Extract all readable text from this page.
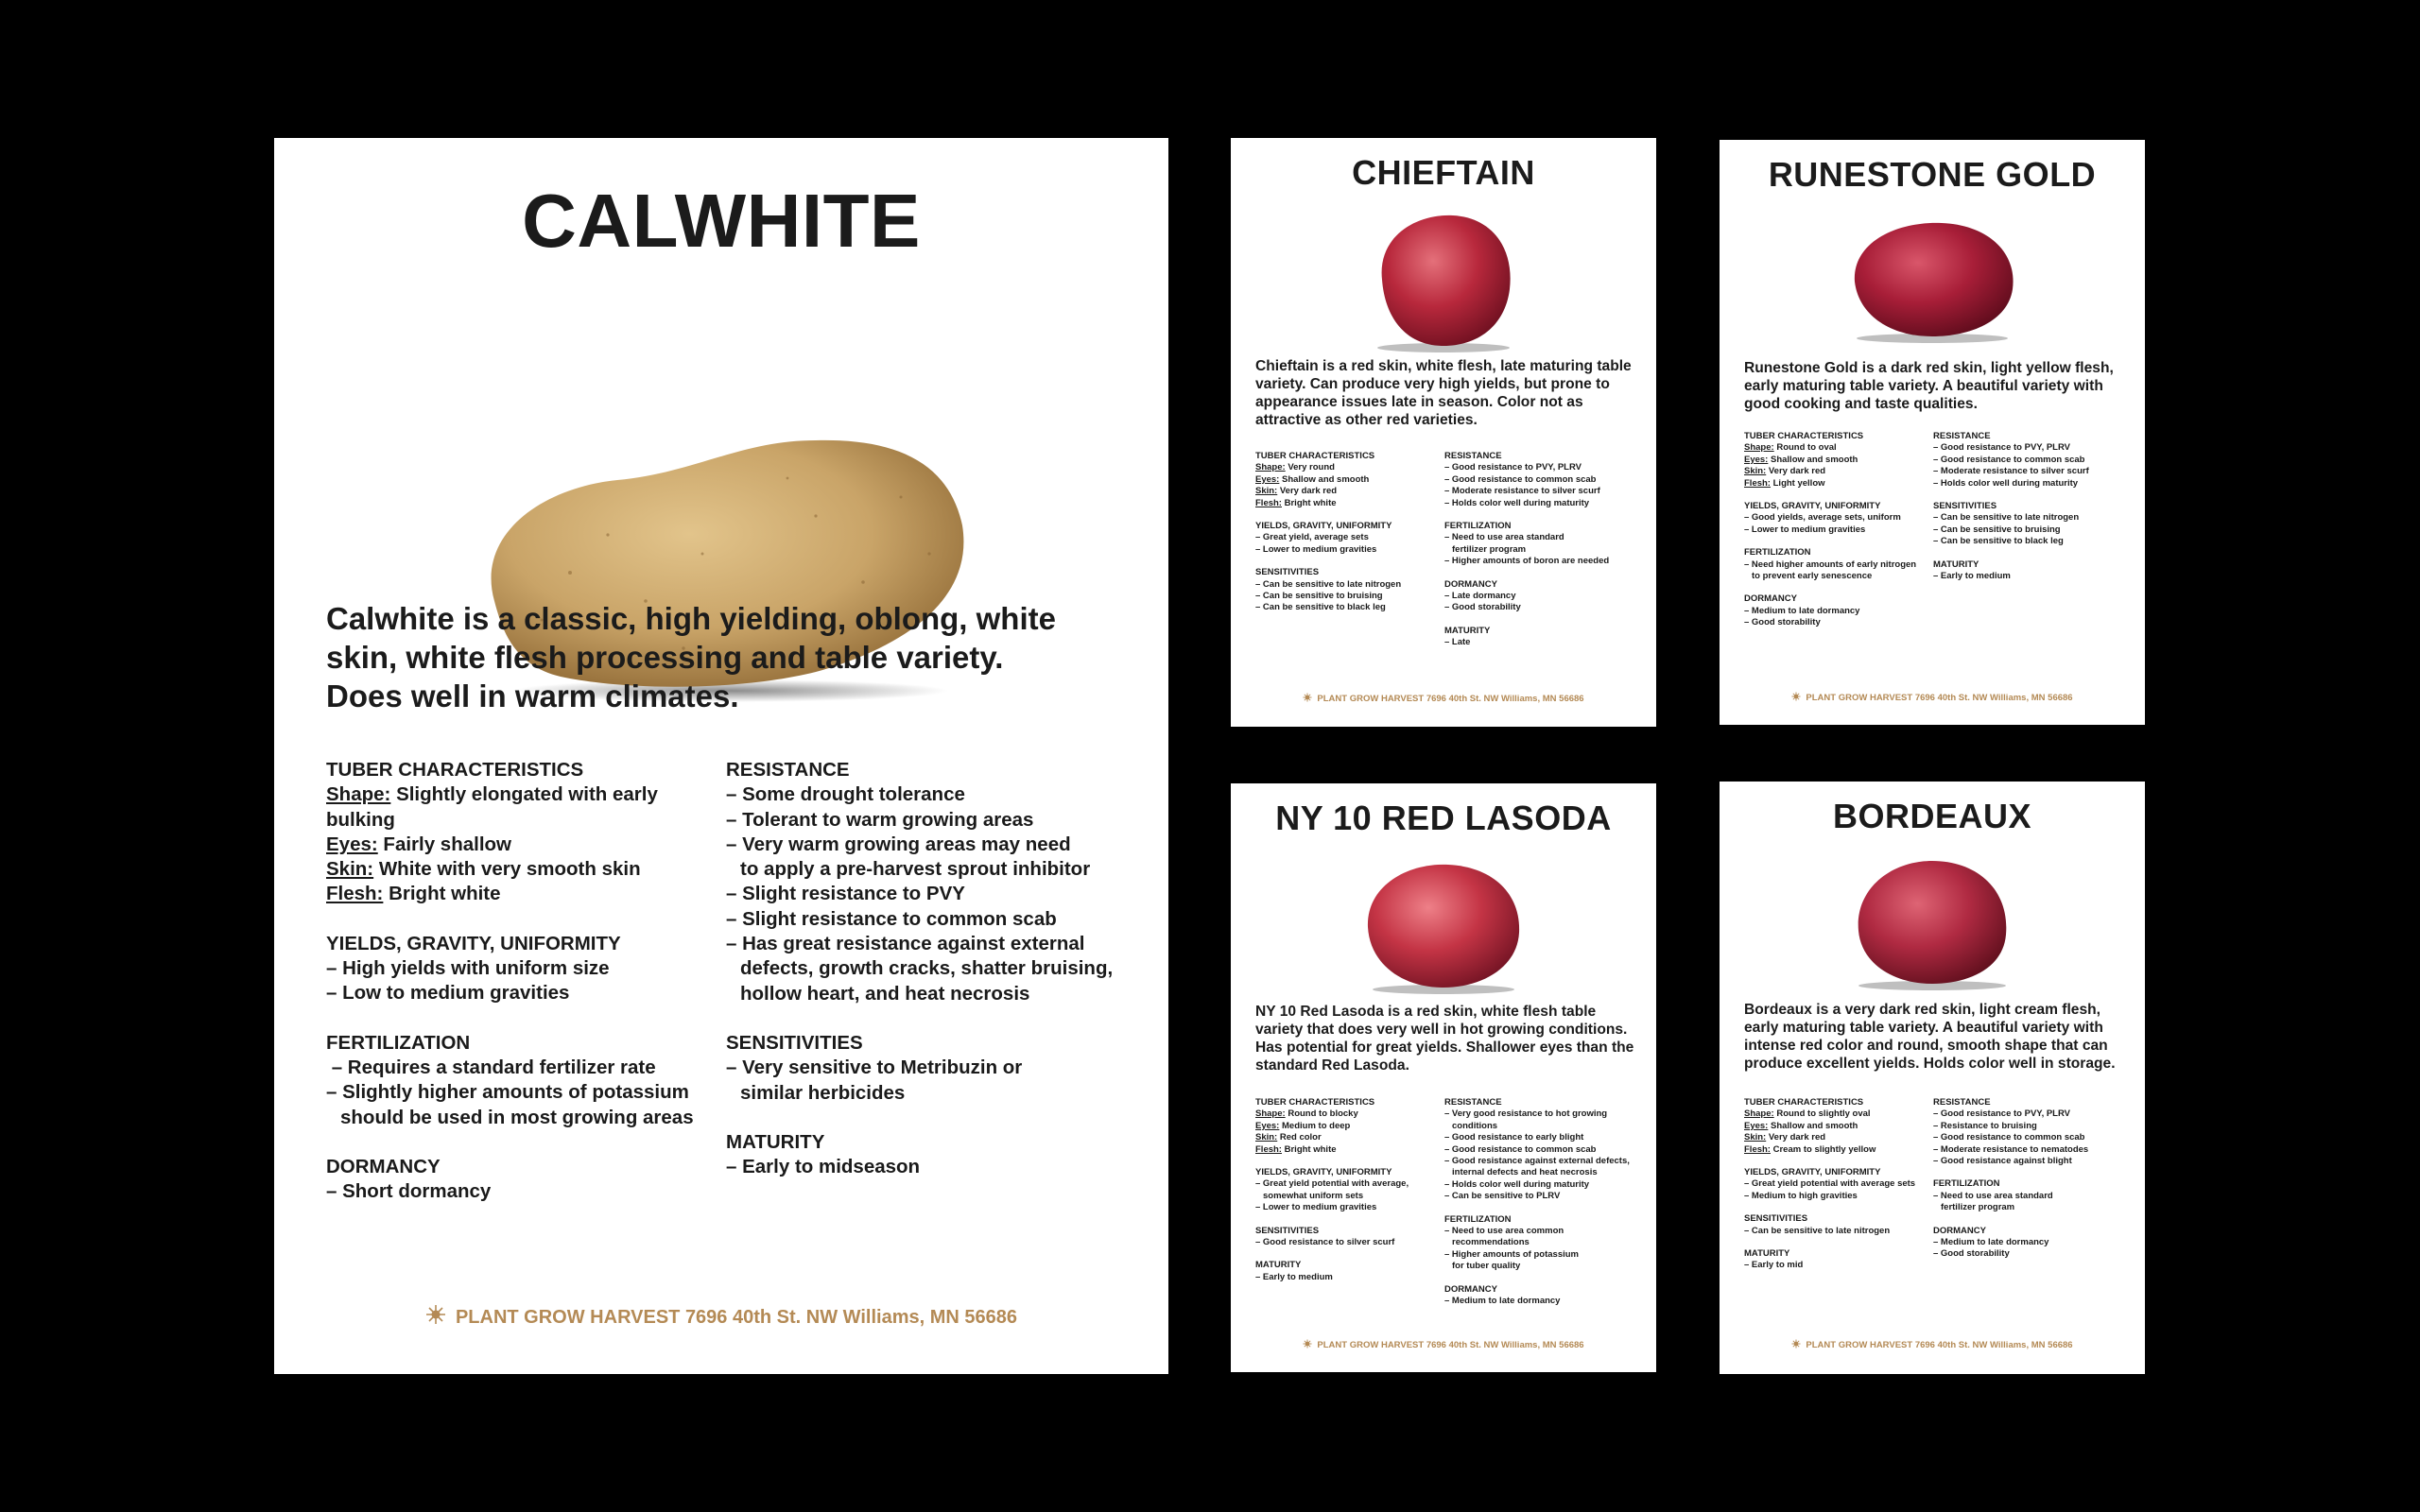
CALWHITE
Calwhite is a classic, high yielding, oblong, white skin, white flesh processing and table variety. Does well in warm climates.
TUBER CHARACTERISTICS
Shape: Slightly elongated with early bulking
Eyes: Fairly shallow
Skin: White with very smooth skin
Flesh: Bright white
YIELDS, GRAVITY, UNIFORMITY
– High yields with uniform size
– Low to medium gravities
FERTILIZATION
– Requires a standard fertilizer rate
– Slightly higher amounts of potassium
should be used in most growing areas
DORMANCY
– Short dormancy
RESISTANCE
– Some drought tolerance
– Tolerant to warm growing areas
– Very warm growing areas may need
to apply a pre-harvest sprout inhibitor
– Slight resistance to PVY
– Slight resistance to common scab
– Has great resistance against external
defects, growth cracks, shatter bruising,
hollow heart, and heat necrosis
SENSITIVITIES
– Very sensitive to Metribuzin or
similar herbicides
MATURITY
– Early to midseason
PLANT GROW HARVEST 7696 40th St. NW Williams, MN 56686
CHIEFTAIN
Chieftain is a red skin, white flesh, late maturing table variety. Can produce very high yields, but prone to appearance issues late in season. Color not as attractive as other red varieties.
TUBER CHARACTERISTICS
Shape: Very round
Eyes: Shallow and smooth
Skin: Very dark red
Flesh: Bright white
YIELDS, GRAVITY, UNIFORMITY
– Great yield, average sets
– Lower to medium gravities
SENSITIVITIES
– Can be sensitive to late nitrogen
– Can be sensitive to bruising
– Can be sensitive to black leg
RESISTANCE
– Good resistance to PVY, PLRV
– Good resistance to common scab
– Moderate resistance to silver scurf
– Holds color well during maturity
FERTILIZATION
– Need to use area standard
fertilizer program
– Higher amounts of boron are needed
DORMANCY
– Late dormancy
– Good storability
MATURITY
– Late
PLANT GROW HARVEST 7696 40th St. NW Williams, MN 56686
RUNESTONE GOLD
Runestone Gold is a dark red skin, light yellow flesh, early maturing table variety. A beautiful variety with good cooking and taste qualities.
TUBER CHARACTERISTICS
Shape: Round to oval
Eyes: Shallow and smooth
Skin: Very dark red
Flesh: Light yellow
YIELDS, GRAVITY, UNIFORMITY
– Good yields, average sets, uniform
– Lower to medium gravities
FERTILIZATION
– Need higher amounts of early nitrogen
to prevent early senescence
DORMANCY
– Medium to late dormancy
– Good storability
RESISTANCE
– Good resistance to PVY, PLRV
– Good resistance to common scab
– Moderate resistance to silver scurf
– Holds color well during maturity
SENSITIVITIES
– Can be sensitive to late nitrogen
– Can be sensitive to bruising
– Can be sensitive to black leg
MATURITY
– Early to medium
PLANT GROW HARVEST 7696 40th St. NW Williams, MN 56686
NY 10 RED LASODA
NY 10 Red Lasoda is a red skin, white flesh table variety that does very well in hot growing conditions. Has potential for great yields. Shallower eyes than the standard Red Lasoda.
TUBER CHARACTERISTICS
Shape: Round to blocky
Eyes: Medium to deep
Skin: Red color
Flesh: Bright white
YIELDS, GRAVITY, UNIFORMITY
– Great yield potential with average,
somewhat uniform sets
– Lower to medium gravities
SENSITIVITIES
– Good resistance to silver scurf
MATURITY
– Early to medium
RESISTANCE
– Very good resistance to hot growing
conditions
– Good resistance to early blight
– Good resistance to common scab
– Good resistance against external defects,
internal defects and heat necrosis
– Holds color well during maturity
– Can be sensitive to PLRV
FERTILIZATION
– Need to use area common
recommendations
– Higher amounts of potassium
for tuber quality
DORMANCY
– Medium to late dormancy
PLANT GROW HARVEST 7696 40th St. NW Williams, MN 56686
BORDEAUX
Bordeaux is a very dark red skin, light cream flesh, early maturing table variety. A beautiful variety with intense red color and round, smooth shape that can produce excellent yields. Holds color well in storage.
TUBER CHARACTERISTICS
Shape: Round to slightly oval
Eyes: Shallow and smooth
Skin: Very dark red
Flesh: Cream to slightly yellow
YIELDS, GRAVITY, UNIFORMITY
– Great yield potential with average sets
– Medium to high gravities
SENSITIVITIES
– Can be sensitive to late nitrogen
MATURITY
– Early to mid
RESISTANCE
– Good resistance to PVY, PLRV
– Resistance to bruising
– Good resistance to common scab
– Moderate resistance to nematodes
– Good resistance against blight
FERTILIZATION
– Need to use area standard
fertilizer program
DORMANCY
– Medium to late dormancy
– Good storability
PLANT GROW HARVEST 7696 40th St. NW Williams, MN 56686
